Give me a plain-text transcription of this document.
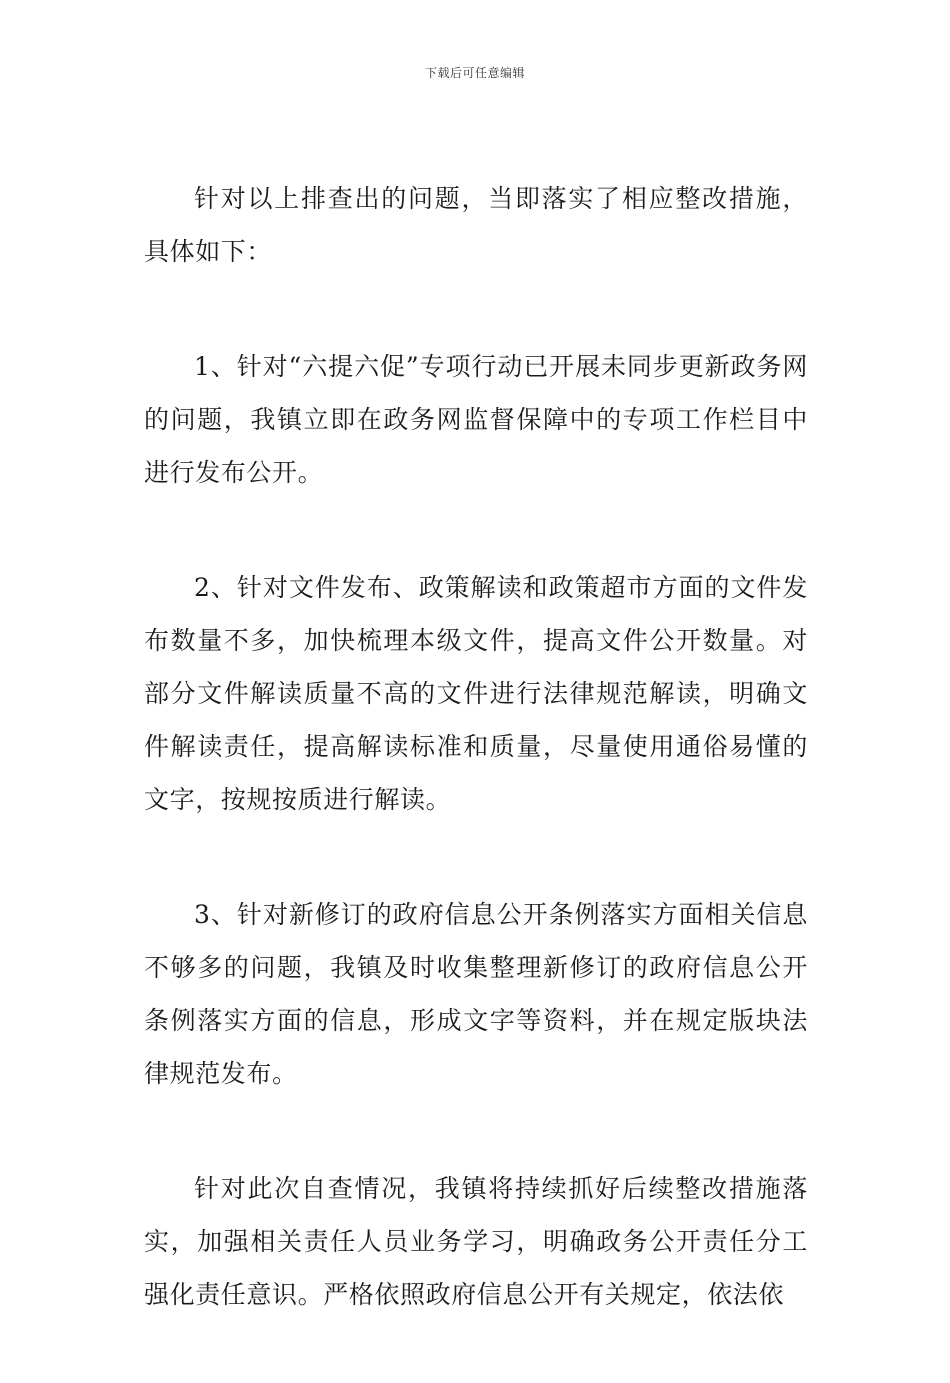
下载后可任意编辑

针对以上排查出的问题，当即落实了相应整改措施，具体如下：

1、针对“六提六促”专项行动已开展未同步更新政务网的问题，我镇立即在政务网监督保障中的专项工作栏目中进行发布公开。

2、针对文件发布、政策解读和政策超市方面的文件发布数量不多，加快梳理本级文件，提高文件公开数量。对部分文件解读质量不高的文件进行法律规范解读，明确文件解读责任，提高解读标准和质量，尽量使用通俗易懂的文字，按规按质进行解读。

3、针对新修订的政府信息公开条例落实方面相关信息不够多的问题，我镇及时收集整理新修订的政府信息公开条例落实方面的信息，形成文字等资料，并在规定版块法律规范发布。

针对此次自查情况，我镇将持续抓好后续整改措施落实，加强相关责任人员业务学习，明确政务公开责任分工强化责任意识。严格依照政府信息公开有关规定，依法依
